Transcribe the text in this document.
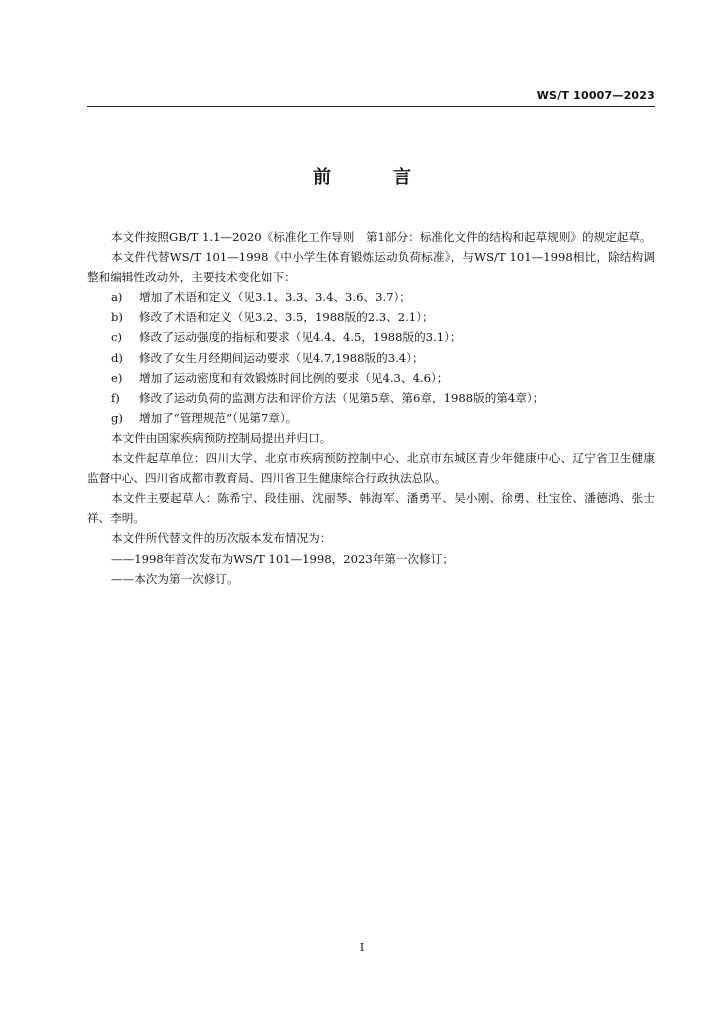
WS/T 10007—2023
前　言

本文件按照GB/T 1.1—2020《标准化工作导则　第1部分：标准化文件的结构和起草规则》的规定起草。

本文件代替WS/T 101—1998《中小学生体育锻炼运动负荷标准》，与WS/T 101—1998相比，除结构调整和编辑性改动外，主要技术变化如下：

a)	增加了术语和定义（见3.1、3.3、3.4、3.6、3.7）；

b)	修改了术语和定义（见3.2、3.5，1988版的2.3、2.1）；

c)	修改了运动强度的指标和要求（见4.4、4.5，1988版的3.1）；

d)	修改了女生月经期间运动要求（见4.7,1988版的3.4）；

e)	增加了运动密度和有效锻炼时间比例的要求（见4.3、4.6）；

f)	修改了运动负荷的监测方法和评价方法（见第5章、第6章，1988版的第4章）；

g)	增加了“管理规范”（见第7章）。

本文件由国家疾病预防控制局提出并归口。

本文件起草单位：四川大学、北京市疾病预防控制中心、北京市东城区青少年健康中心、辽宁省卫生健康监督中心、四川省成都市教育局、四川省卫生健康综合行政执法总队。

本文件主要起草人：陈希宁、段佳丽、沈丽琴、韩海军、潘勇平、吴小刚、徐勇、杜宝佺、潘德鸿、张士祥、李明。

本文件所代替文件的历次版本发布情况为：

——1998年首次发布为WS/T 101—1998，2023年第一次修订；

——本次为第一次修订。

I
